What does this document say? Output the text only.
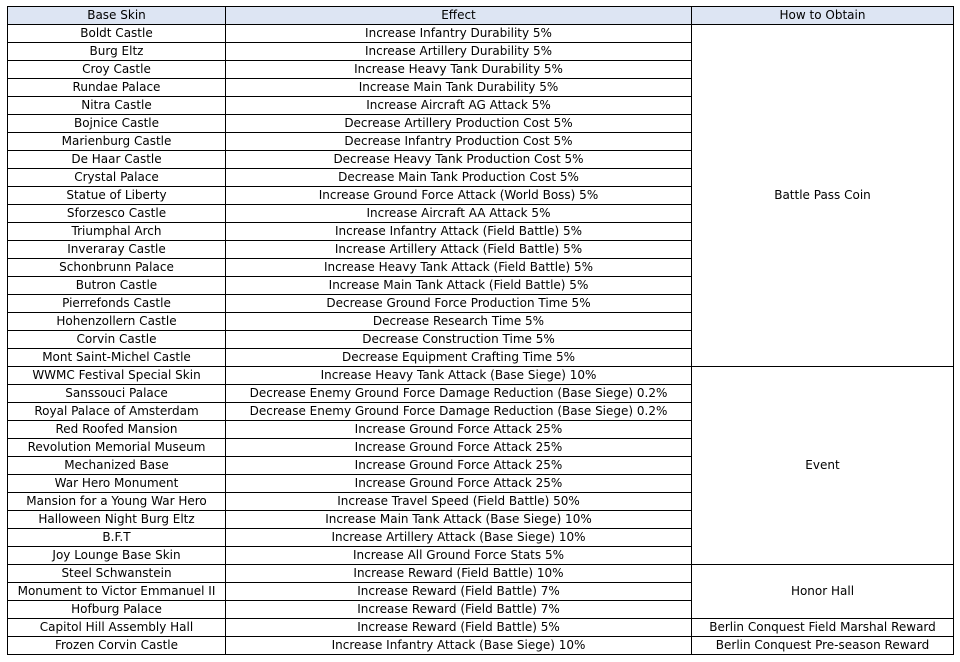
Base Skin	Effect	How to Obtain
Boldt Castle	Increase Infantry Durability 5%	Battle Pass Coin
Burg Eltz	Increase Artillery Durability 5%	
Croy Castle	Increase Heavy Tank Durability 5%	
Rundae Palace	Increase Main Tank Durability 5%	
Nitra Castle	Increase Aircraft AG Attack 5%	
Bojnice Castle	Decrease Artillery Production Cost 5%	
Marienburg Castle	Decrease Infantry Production Cost 5%	
De Haar Castle	Decrease Heavy Tank Production Cost 5%	
Crystal Palace	Decrease Main Tank Production Cost 5%	
Statue of Liberty	Increase Ground Force Attack (World Boss) 5%	
Sforzesco Castle	Increase Aircraft AA Attack 5%	
Triumphal Arch	Increase Infantry Attack (Field Battle) 5%	
Inveraray Castle	Increase Artillery Attack (Field Battle) 5%	
Schonbrunn Palace	Increase Heavy Tank Attack (Field Battle) 5%	
Butron Castle	Increase Main Tank Attack (Field Battle) 5%	
Pierrefonds Castle	Decrease Ground Force Production Time 5%	
Hohenzollern Castle	Decrease Research Time 5%	
Corvin Castle	Decrease Construction Time 5%	
Mont Saint-Michel Castle	Decrease Equipment Crafting Time 5%	
WWMC Festival Special Skin	Increase Heavy Tank Attack (Base Siege) 10%	Event
Sanssouci Palace	Decrease Enemy Ground Force Damage Reduction (Base Siege) 0.2%	
Royal Palace of Amsterdam	Decrease Enemy Ground Force Damage Reduction (Base Siege) 0.2%	
Red Roofed Mansion	Increase Ground Force Attack 25%	
Revolution Memorial Museum	Increase Ground Force Attack 25%	
Mechanized Base	Increase Ground Force Attack 25%	
War Hero Monument	Increase Ground Force Attack 25%	
Mansion for a Young War Hero	Increase Travel Speed (Field Battle) 50%	
Halloween Night Burg Eltz	Increase Main Tank Attack (Base Siege) 10%	
B.F.T	Increase Artillery Attack (Base Siege) 10%	
Joy Lounge Base Skin	Increase All Ground Force Stats 5%	
Steel Schwanstein	Increase Reward (Field Battle) 10%	Honor Hall
Monument to Victor Emmanuel II	Increase Reward (Field Battle) 7%	
Hofburg Palace	Increase Reward (Field Battle) 7%	
Capitol Hill Assembly Hall	Increase Reward (Field Battle) 5%	Berlin Conquest Field Marshal Reward
Frozen Corvin Castle	Increase Infantry Attack (Base Siege) 10%	Berlin Conquest Pre-season Reward
